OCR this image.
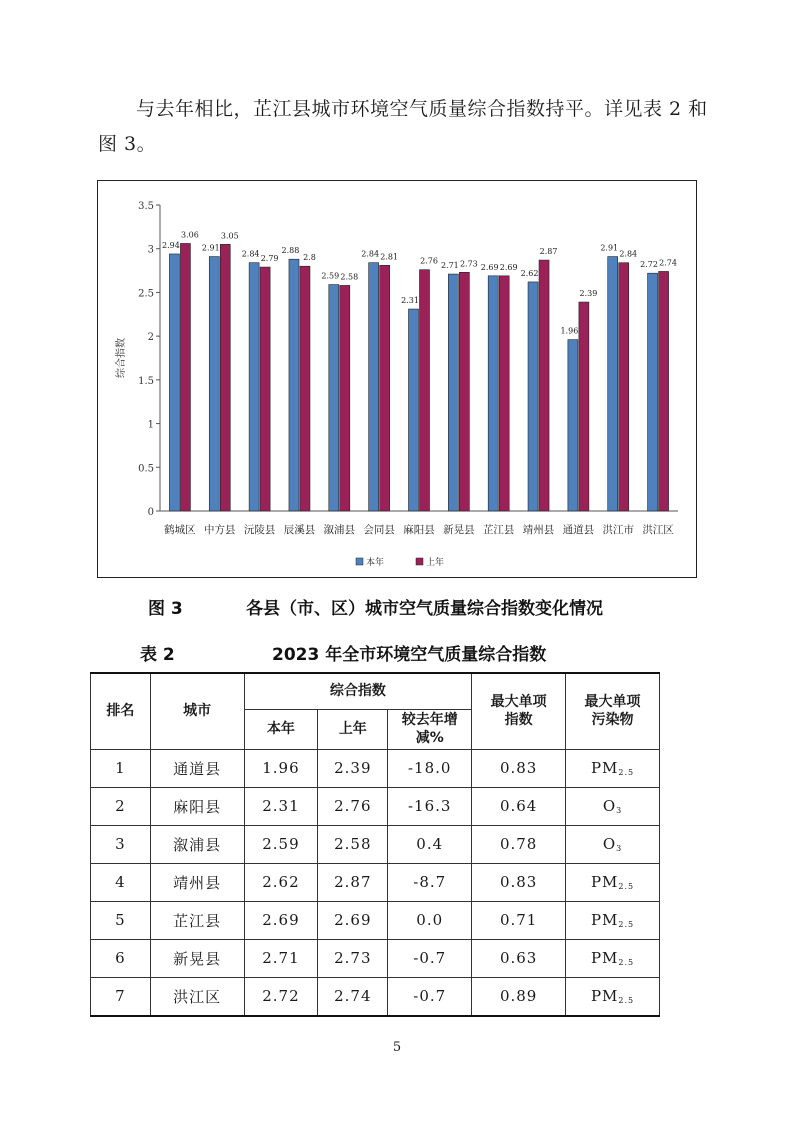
与去年相比，芷江县城市环境空气质量综合指数持平。详见表 2 和图 3。
0
0.5
1
1.5
2
2.5
3
3.5
综合指数
鹤城区
2.94
3.06
中方县
2.91
3.05
沅陵县
2.84 2.79
辰溪县
2.88
2.8
溆浦县
2.59 2.58
会同县
2.84 2.81
麻阳县
2.31
2.76
新晃县
2.71 2.73
芷江县
2.69 2.69
靖州县
2.62
2.87
通道县
1.96
2.39
洪江市
2.91
2.84
洪江区
2.72 2.74
本年	上年
图 3	各县（市、区）城市空气质量综合指数变化情况
表 2	2023 年全市环境空气质量综合指数
排名	城市	综合指数			最大单项指数	最大单项污染物

		本年	上年	较去年增减%		

1	通道县	1.96	2.39	-18.0	0.83	PM2.5
2	麻阳县	2.31	2.76	-16.3	0.64	O3
3	溆浦县	2.59	2.58	0.4	0.78	O3
4	靖州县	2.62	2.87	-8.7	0.83	PM2.5
5	芷江县	2.69	2.69	0.0	0.71	PM2.5
6	新晃县	2.71	2.73	-0.7	0.63	PM2.5
7	洪江区	2.72	2.74	-0.7	0.89	PM2.5
5
